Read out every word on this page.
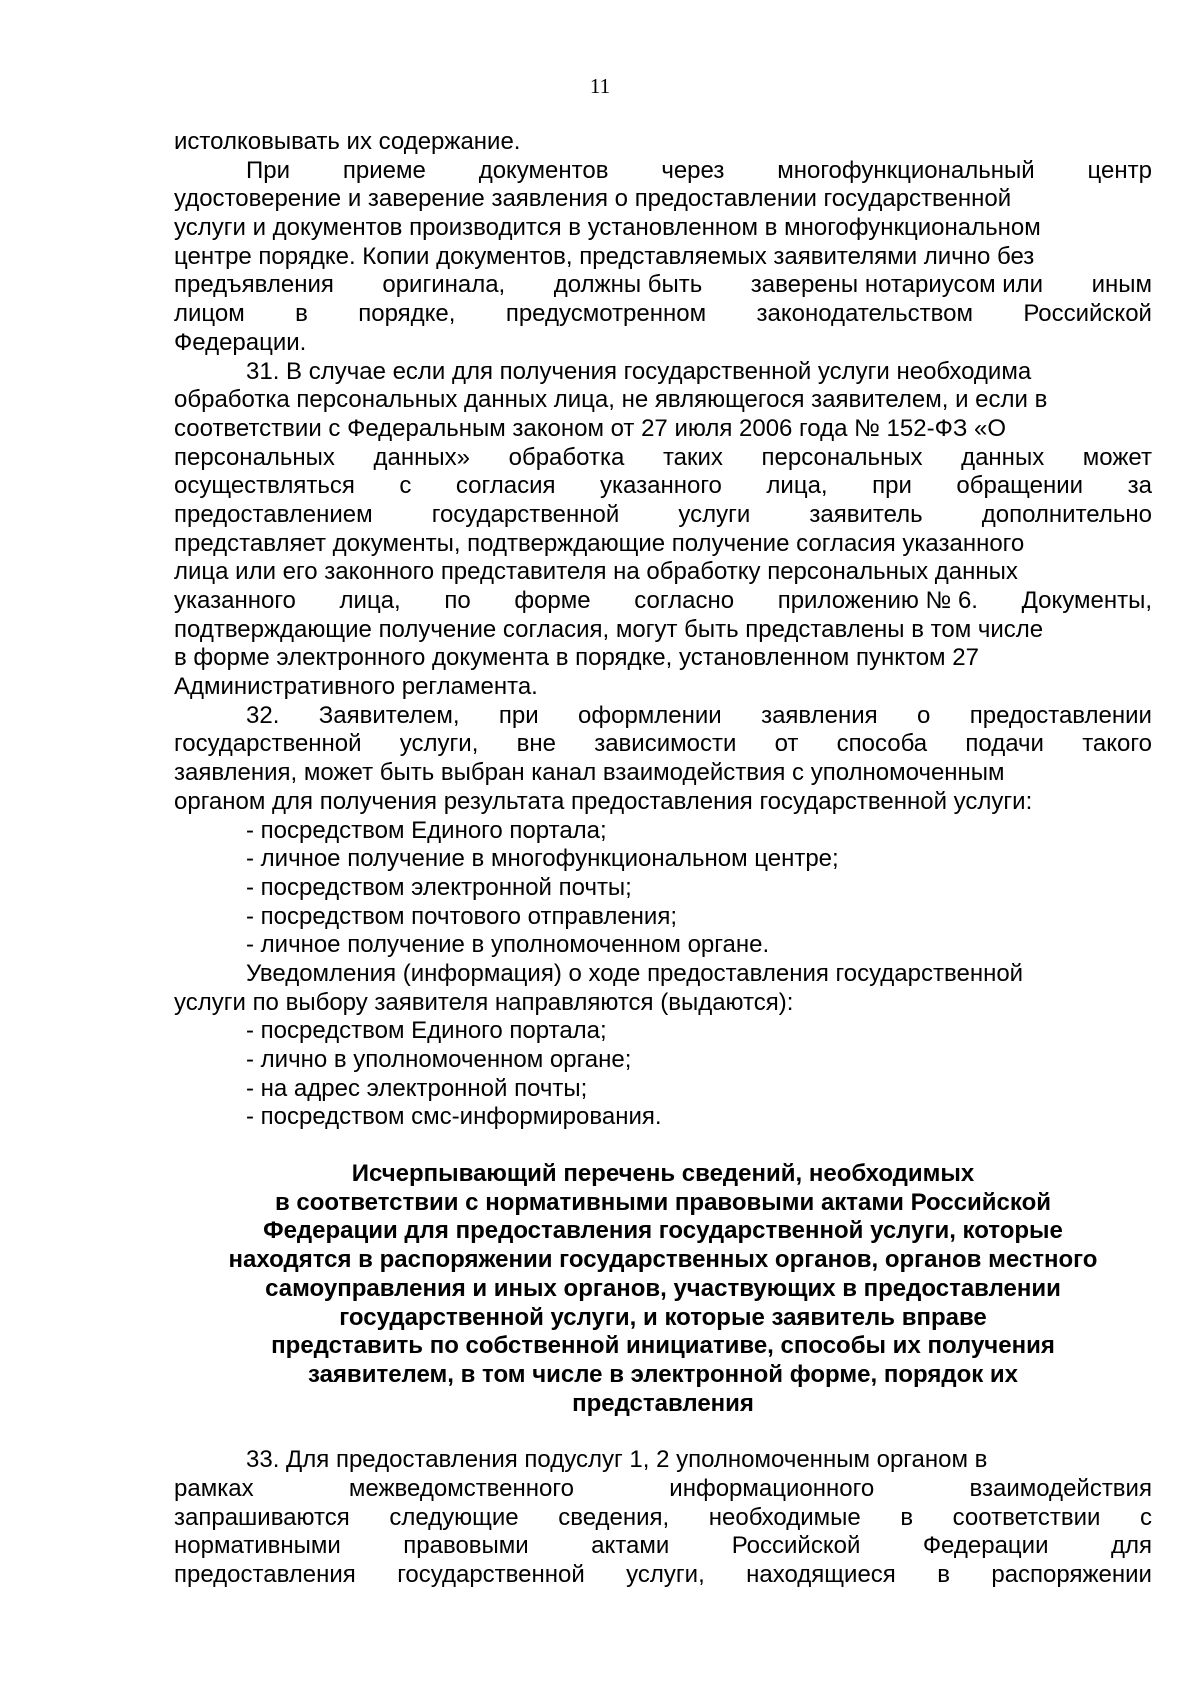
11
истолковывать их содержание.
При приеме документов через многофункциональный центр
удостоверение и заверение заявления о предоставлении государственной
услуги и документов производится в установленном в многофункциональном
центре порядке. Копии документов, представляемых заявителями лично без
предъявления оригинала, должны быть заверены нотариусом или иным
лицом в порядке, предусмотренном законодательством Российской
Федерации.
31. В случае если для получения государственной услуги необходима
обработка персональных данных лица, не являющегося заявителем, и если в
соответствии с Федеральным законом от 27 июля 2006 года № 152-ФЗ «О
персональных данных» обработка таких персональных данных может
осуществляться с согласия указанного лица, при обращении за
предоставлением государственной услуги заявитель дополнительно
представляет документы, подтверждающие получение согласия указанного
лица или его законного представителя на обработку персональных данных
указанного лица, по форме согласно приложению № 6. Документы,
подтверждающие получение согласия, могут быть представлены в том числе
в форме электронного документа в порядке, установленном пунктом 27
Административного регламента.
32. Заявителем, при оформлении заявления о предоставлении
государственной услуги, вне зависимости от способа подачи такого
заявления, может быть выбран канал взаимодействия с уполномоченным
органом для получения результата предоставления государственной услуги:
- посредством Единого портала;
- личное получение в многофункциональном центре;
- посредством электронной почты;
- посредством почтового отправления;
- личное получение в уполномоченном органе.
Уведомления (информация) о ходе предоставления государственной
услуги по выбору заявителя направляются (выдаются):
- посредством Единого портала;
- лично в уполномоченном органе;
- на адрес электронной почты;
- посредством смс-информирования.
Исчерпывающий перечень сведений, необходимых
в соответствии с нормативными правовыми актами Российской
Федерации для предоставления государственной услуги, которые
находятся в распоряжении государственных органов, органов местного
самоуправления и иных органов, участвующих в предоставлении
государственной услуги, и которые заявитель вправе
представить по собственной инициативе, способы их получения
заявителем, в том числе в электронной форме, порядок их
представления
33. Для предоставления подуслуг 1, 2 уполномоченным органом в
рамках	межведомственного	информационного	взаимодействия
запрашиваются следующие сведения, необходимые в соответствии с
нормативными	правовыми	актами	Российской	Федерации	для
предоставления государственной услуги, находящиеся в распоряжении
